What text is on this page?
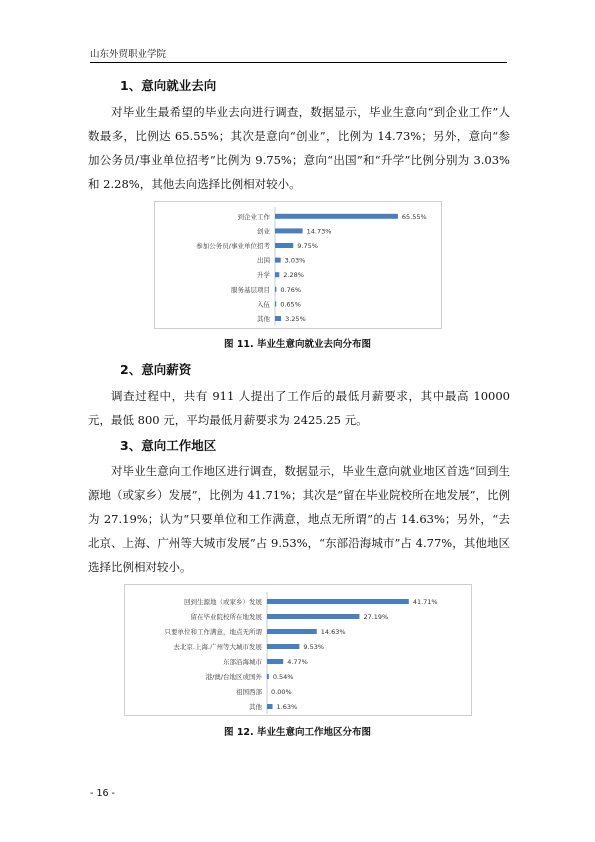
山东外贸职业学院
1、意向就业去向

对毕业生最希望的毕业去向进行调查，数据显示，毕业生意向“到企业工作”人数最多，比例达 65.55%；其次是意向“创业”，比例为 14.73%；另外，意向“参加公务员/事业单位招考”比例为 9.75%；意向“出国”和“升学”比例分别为 3.03%和 2.28%，其他去向选择比例相对较小。

到企业工作	65.55%
创业	14.73%
参加公务员/事业单位招考	9.75%
出国 3.03%
升学 2.28%
服务基层项目 0.76%
入伍 0.65%
其他 3.25%

图 11. 毕业生意向就业去向分布图

2、意向薪资

调查过程中，共有 911 人提出了工作后的最低月薪要求，其中最高 10000 元，最低 800 元，平均最低月薪要求为 2425.25 元。

3、意向工作地区

对毕业生意向工作地区进行调查，数据显示，毕业生意向就业地区首选“回到生源地（或家乡）发展”，比例为 41.71%；其次是“留在毕业院校所在地发展”，比例为 27.19%；认为“只要单位和工作满意，地点无所谓”的占 14.63%；另外，“去北京、上海、广州等大城市发展”占 9.53%，“东部沿海城市”占 4.77%，其他地区选择比例相对较小。

回到生源地（或家乡）发展	41.71%
留在毕业院校所在地发展	27.19%
只要单位和工作满意，地点无所谓	14.63%
去北京.上海.广州等大城市发展	9.53%
东部沿海城市	4.77%
港/澳/台地区或国外 0.54%
祖国西部 0.00%
其他 1.63%

图 12. 毕业生意向工作地区分布图

- 16 -
